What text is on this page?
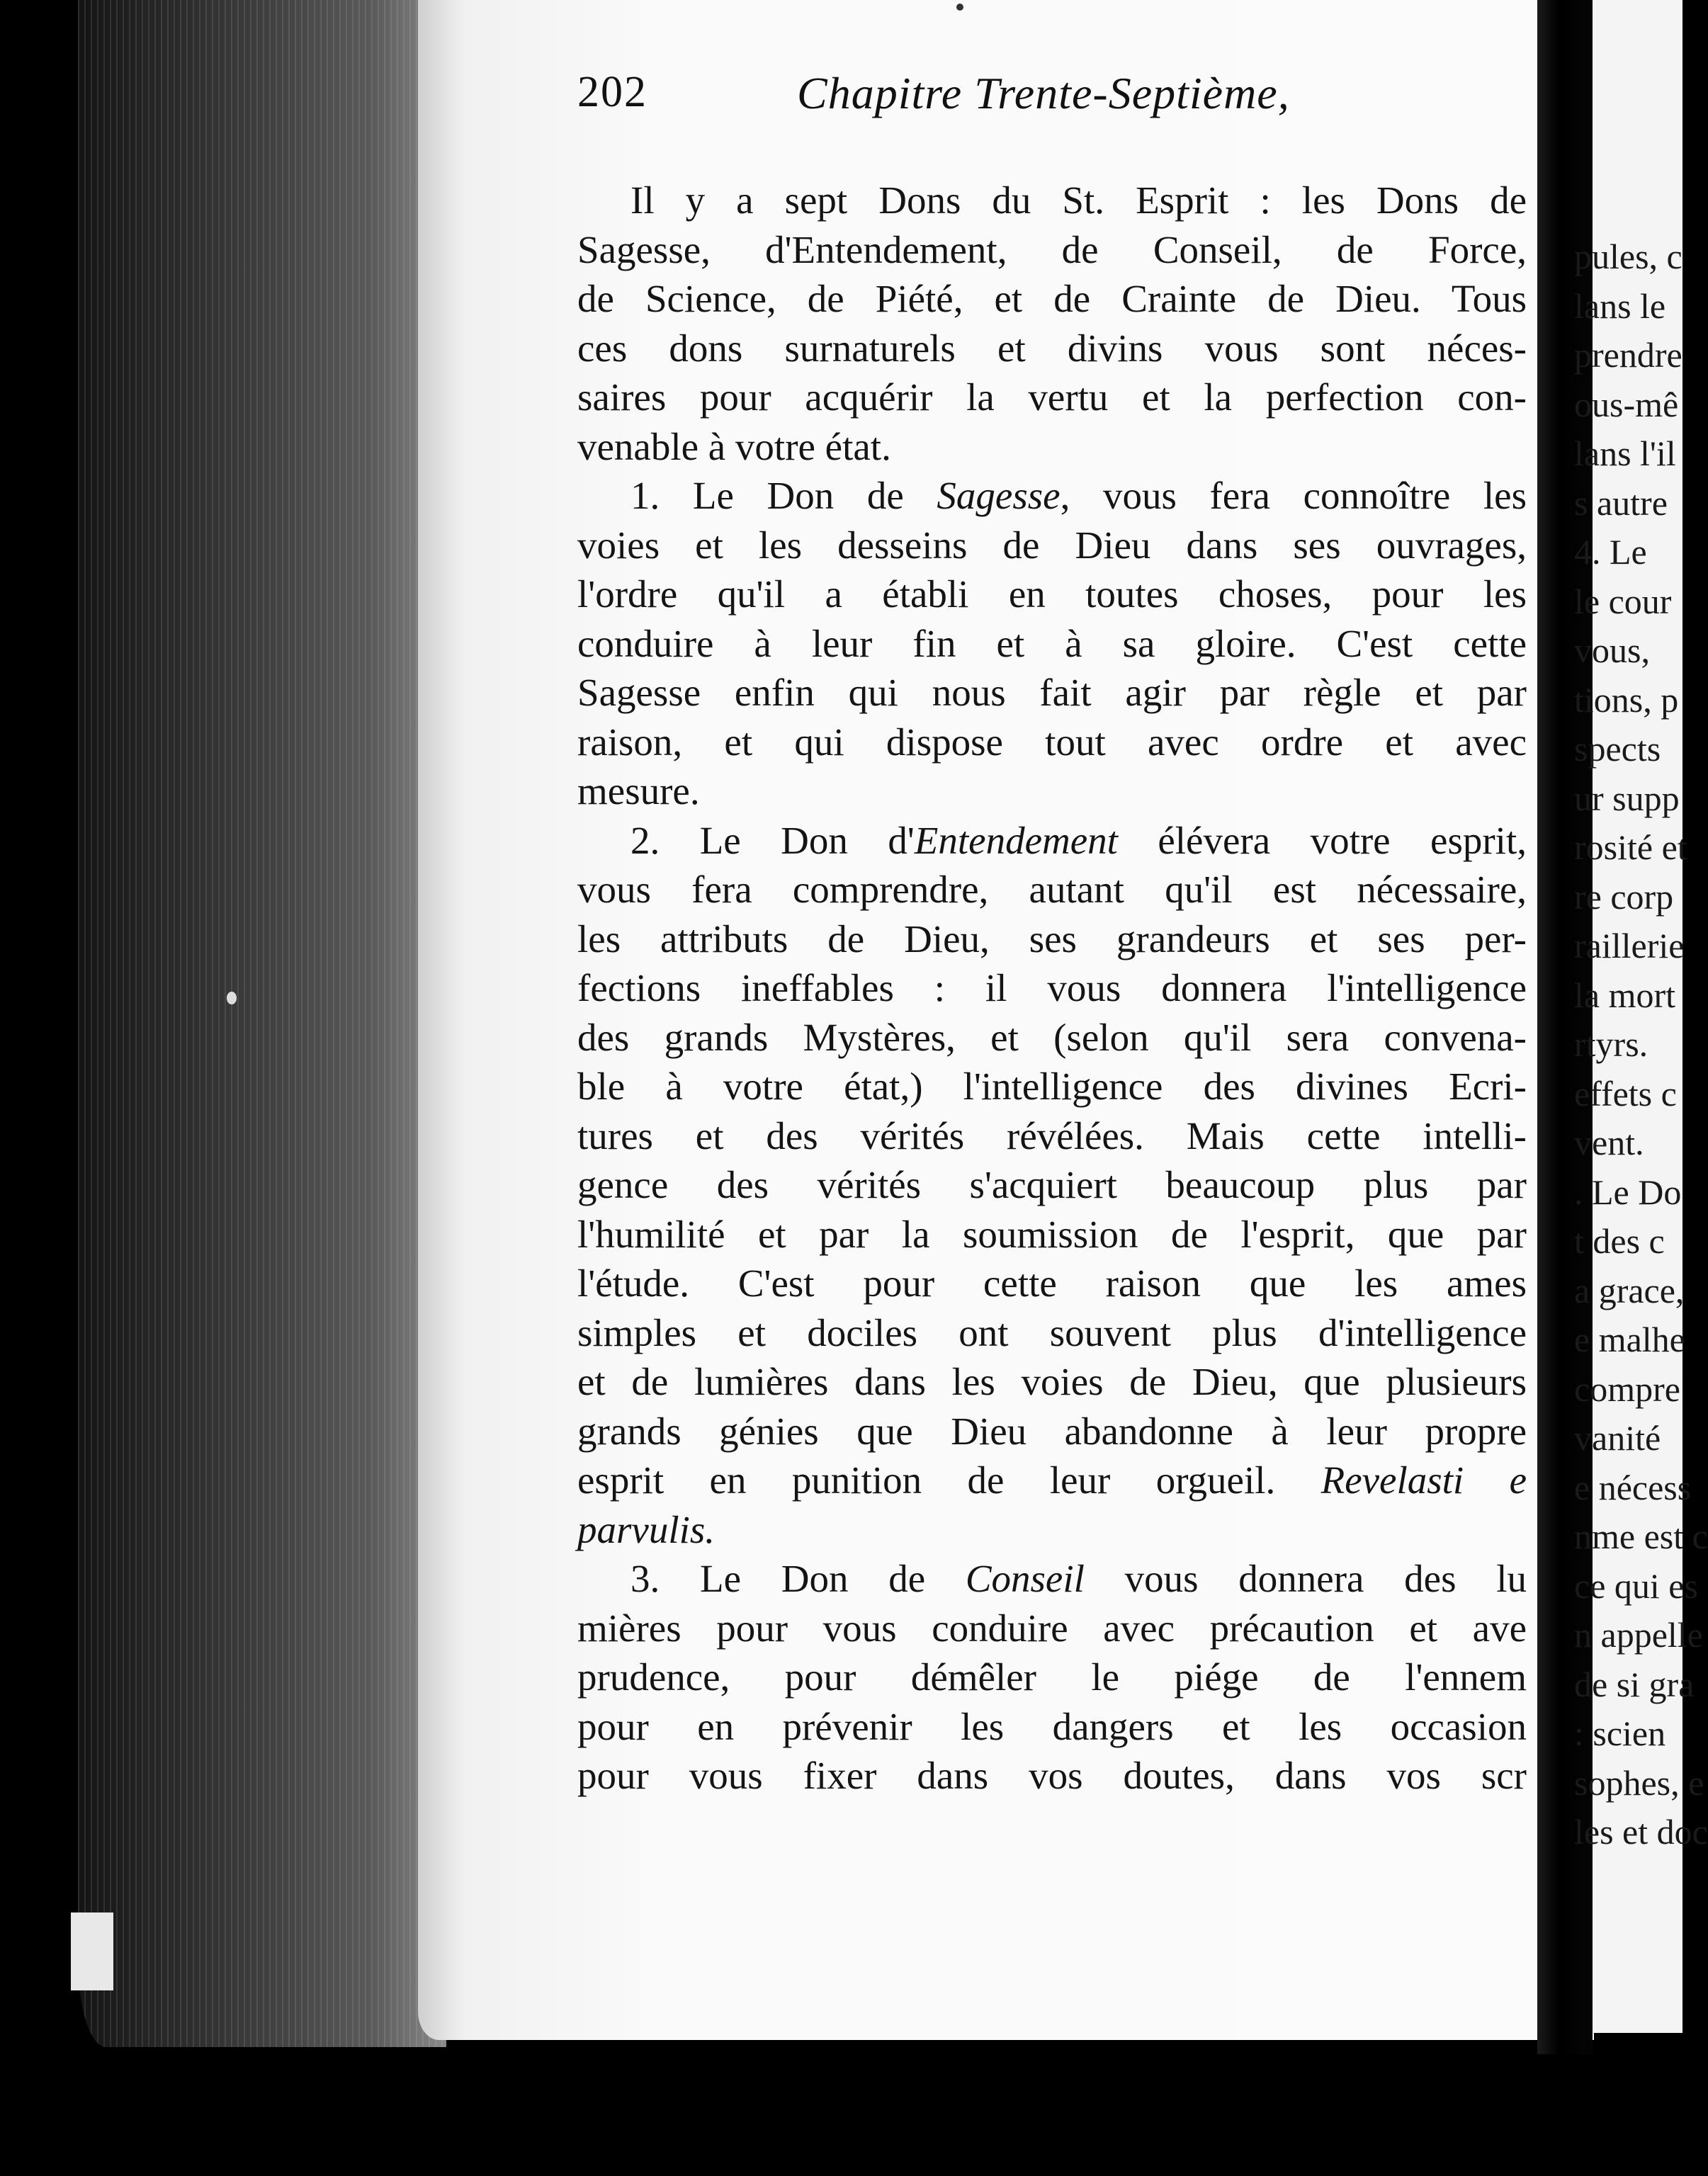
202	Chapitre Trente-Septième,
Il y a sept Dons du St. Esprit : les Dons de
Sagesse, d'Entendement, de Conseil, de Force,
de Science, de Piété, et de Crainte de Dieu. Tous
ces dons surnaturels et divins vous sont néces-
saires pour acquérir la vertu et la perfection con-
venable à votre état.
1. Le Don de Sagesse, vous fera connoître les
voies et les desseins de Dieu dans ses ouvrages,
l'ordre qu'il a établi en toutes choses, pour les
conduire à leur fin et à sa gloire. C'est cette
Sagesse enfin qui nous fait agir par règle et par
raison, et qui dispose tout avec ordre et avec
mesure.
2. Le Don d'Entendement élévera votre esprit,
vous fera comprendre, autant qu'il est nécessaire,
les attributs de Dieu, ses grandeurs et ses per-
fections ineffables : il vous donnera l'intelligence
des grands Mystères, et (selon qu'il sera convena-
ble à votre état,) l'intelligence des divines Ecri-
tures et des vérités révélées. Mais cette intelli-
gence des vérités s'acquiert beaucoup plus par
l'humilité et par la soumission de l'esprit, que par
l'étude. C'est pour cette raison que les ames
simples et dociles ont souvent plus d'intelligence
et de lumières dans les voies de Dieu, que plusieurs
grands génies que Dieu abandonne à leur propre
esprit en punition de leur orgueil. Revelasti e
parvulis.
3. Le Don de Conseil vous donnera des lu
mières pour vous conduire avec précaution et ave
prudence, pour démêler le piége de l'ennem
pour en prévenir les dangers et les occasion
pour vous fixer dans vos doutes, dans vos scr
pules, c
lans le
prendre
ous-mê
lans l'il
s autre
4. Le
le cour
vous,
tions, p
spects
ur supp
rosité et
re corp
raillerie
la mort
rtyrs.
effets c
vent.
. Le Do
t des c
a grace,
e malhe
compre
vanité
e nécess
nme est c
ce qui es
n appelle
de si gra
: scien
sophes, e
les et doc
